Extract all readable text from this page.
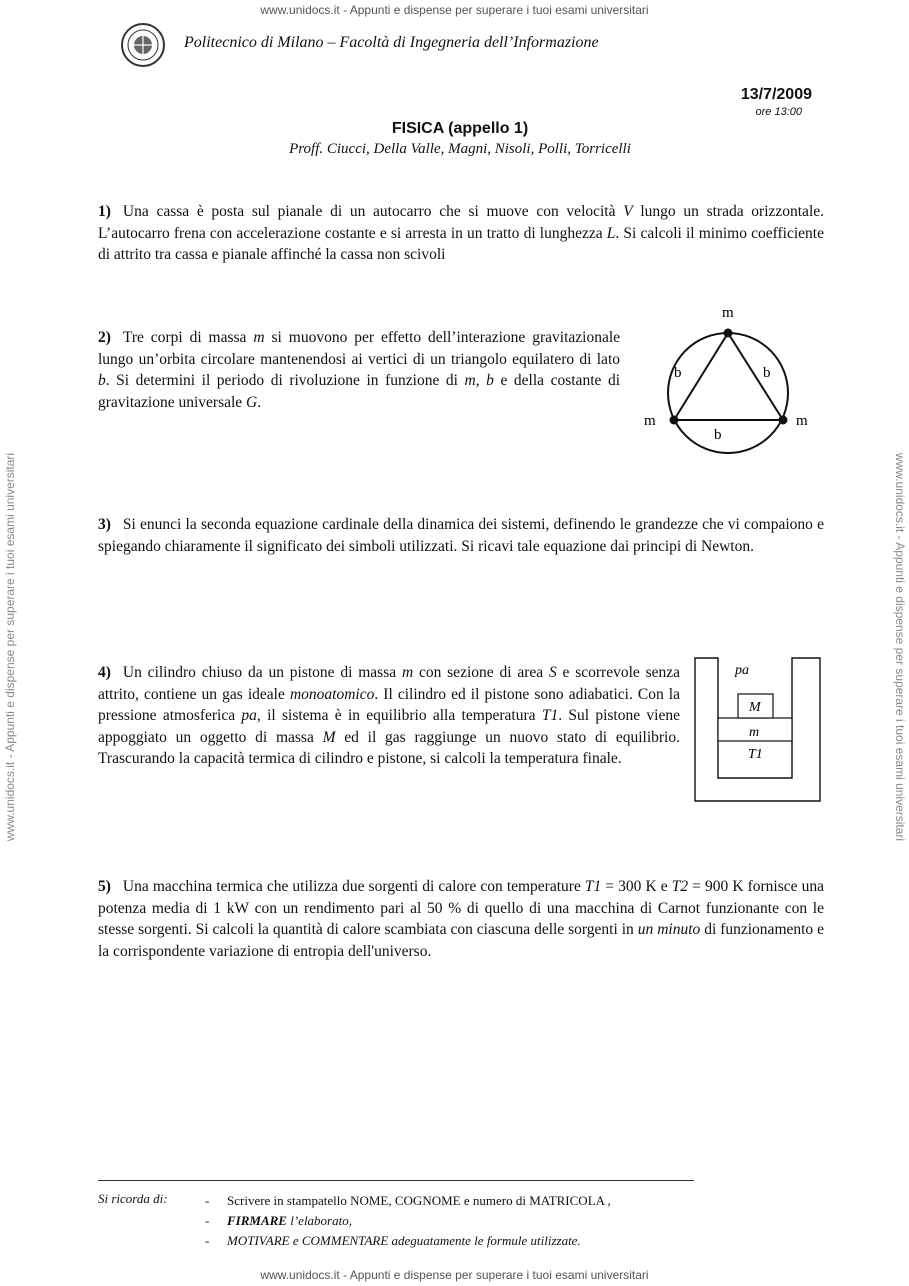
www.unidocs.it - Appunti e dispense per superare i tuoi esami universitari
www.unidocs.it - Appunti e dispense per superare i tuoi esami universitari
www.unidocs.it - Appunti e dispense per superare i tuoi esami universitari	www.unidocs.it - Appunti e dispense per superare i tuoi esami universitari
Politecnico di Milano – Facoltà di Ingegneria dell’Informazione
13/7/2009
ore 13:00
FISICA (appello 1)
Proff. Ciucci, Della Valle, Magni, Nisoli, Polli, Torricelli
1) Una cassa è posta sul pianale di un autocarro che si muove con velocità V lungo un strada orizzontale. L’autocarro frena con accelerazione costante e si arresta in un tratto di lunghezza L. Si calcoli il minimo coefficiente di attrito tra cassa e pianale affinché la cassa non scivoli
2) Tre corpi di massa m si muovono per effetto dell’interazione gravitazionale lungo un’orbita circolare mantenendosi ai vertici di un triangolo equilatero di lato b. Si determini il periodo di rivoluzione in funzione di m, b e della costante di gravitazione universale G.
m
m	m
b	b
b
3) Si enunci la seconda equazione cardinale della dinamica dei sistemi, definendo le grandezze che vi compaiono e spiegando chiaramente il significato dei simboli utilizzati. Si ricavi tale equazione dai principi di Newton.
4) Un cilindro chiuso da un pistone di massa m con sezione di area S e scorrevole senza attrito, contiene un gas ideale monoatomico. Il cilindro ed il pistone sono adiabatici. Con la pressione atmosferica pa, il sistema è in equilibrio alla temperatura T1. Sul pistone viene appoggiato un oggetto di massa M ed il gas raggiunge un nuovo stato di equilibrio. Trascurando la capacità termica di cilindro e pistone, si calcoli la temperatura finale.
pa
M
m
T1
5) Una macchina termica che utilizza due sorgenti di calore con temperature T1 = 300 K e T2 = 900 K fornisce una potenza media di 1 kW con un rendimento pari al 50 % di quello di una macchina di Carnot funzionante con le stesse sorgenti. Si calcoli la quantità di calore scambiata con ciascuna delle sorgenti in un minuto di funzionamento e la corrispondente variazione di entropia dell'universo.
Si ricorda di:	- Scrivere in stampatello NOME, COGNOME e numero di MATRICOLA ,
- FIRMARE l’elaborato,
- MOTIVARE e COMMENTARE adeguatamente le formule utilizzate.
